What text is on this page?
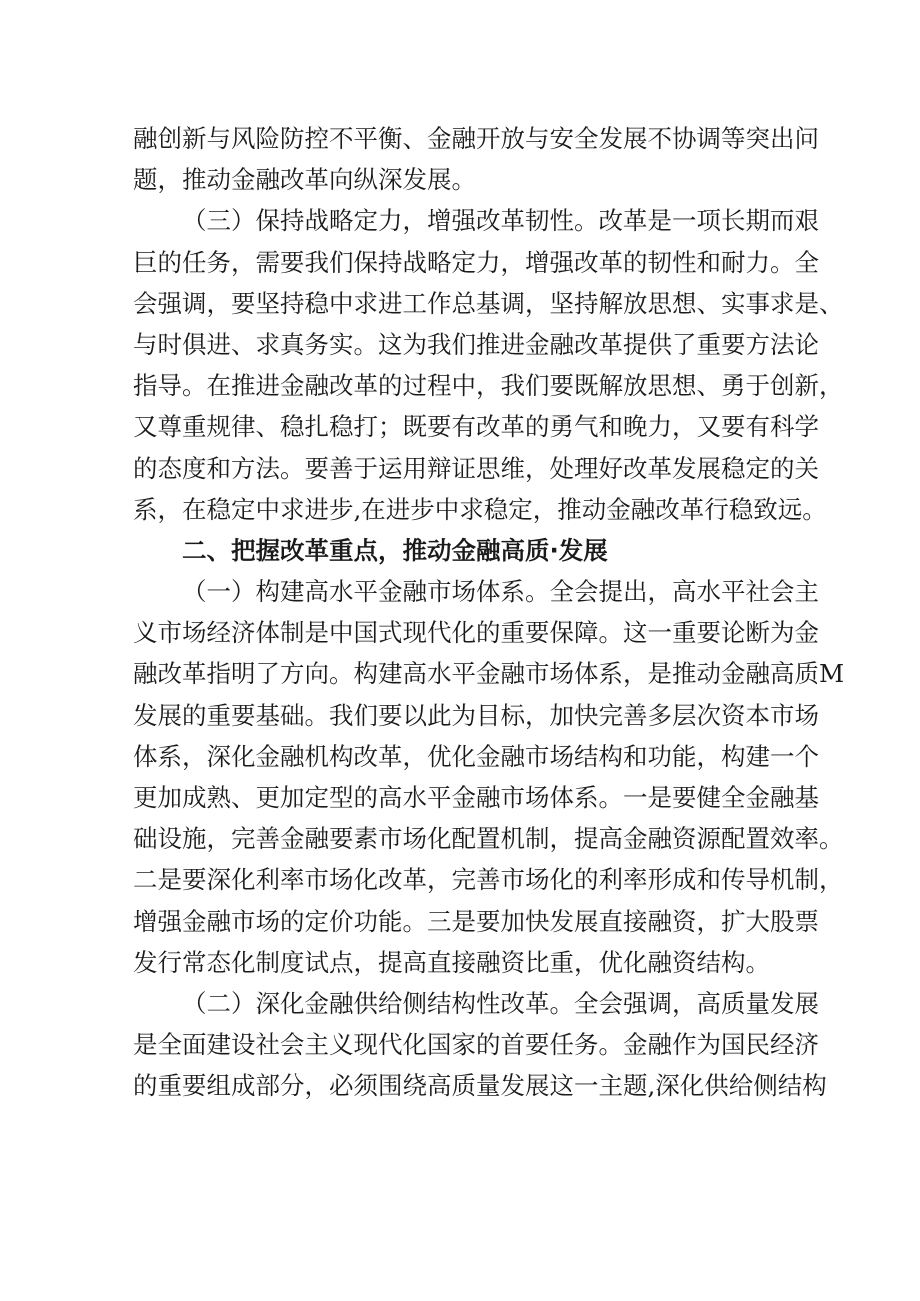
融创新与风险防控不平衡、金融开放与安全发展不协调等突出问
题，推动金融改革向纵深发展。
（三）保持战略定力，增强改革韧性。改革是一项长期而艰
巨的任务，需要我们保持战略定力，增强改革的韧性和耐力。全
会强调，要坚持稳中求进工作总基调，坚持解放思想、实事求是、
与时俱进、求真务实。这为我们推进金融改革提供了重要方法论
指导。在推进金融改革的过程中，我们要既解放思想、勇于创新，
又尊重规律、稳扎稳打；既要有改革的勇气和晚力，又要有科学
的态度和方法。要善于运用辩证思维，处理好改革发展稳定的关
系，在稳定中求进步,在进步中求稳定，推动金融改革行稳致远。
二、把握改革重点，推动金融高质·发展
（一）构建高水平金融市场体系。全会提出，高水平社会主
义市场经济体制是中国式现代化的重要保障。这一重要论断为金
融改革指明了方向。构建高水平金融市场体系，是推动金融高质M
发展的重要基础。我们要以此为目标，加快完善多层次资本市场
体系，深化金融机构改革，优化金融市场结构和功能，构建一个
更加成熟、更加定型的高水平金融市场体系。一是要健全金融基
础设施，完善金融要素市场化配置机制，提高金融资源配置效率。
二是要深化利率市场化改革，完善市场化的利率形成和传导机制，
增强金融市场的定价功能。三是要加快发展直接融资，扩大股票
发行常态化制度试点，提高直接融资比重，优化融资结构。
（二）深化金融供给侧结构性改革。全会强调，高质量发展
是全面建设社会主义现代化国家的首要任务。金融作为国民经济
的重要组成部分，必须围绕高质量发展这一主题,深化供给侧结构
